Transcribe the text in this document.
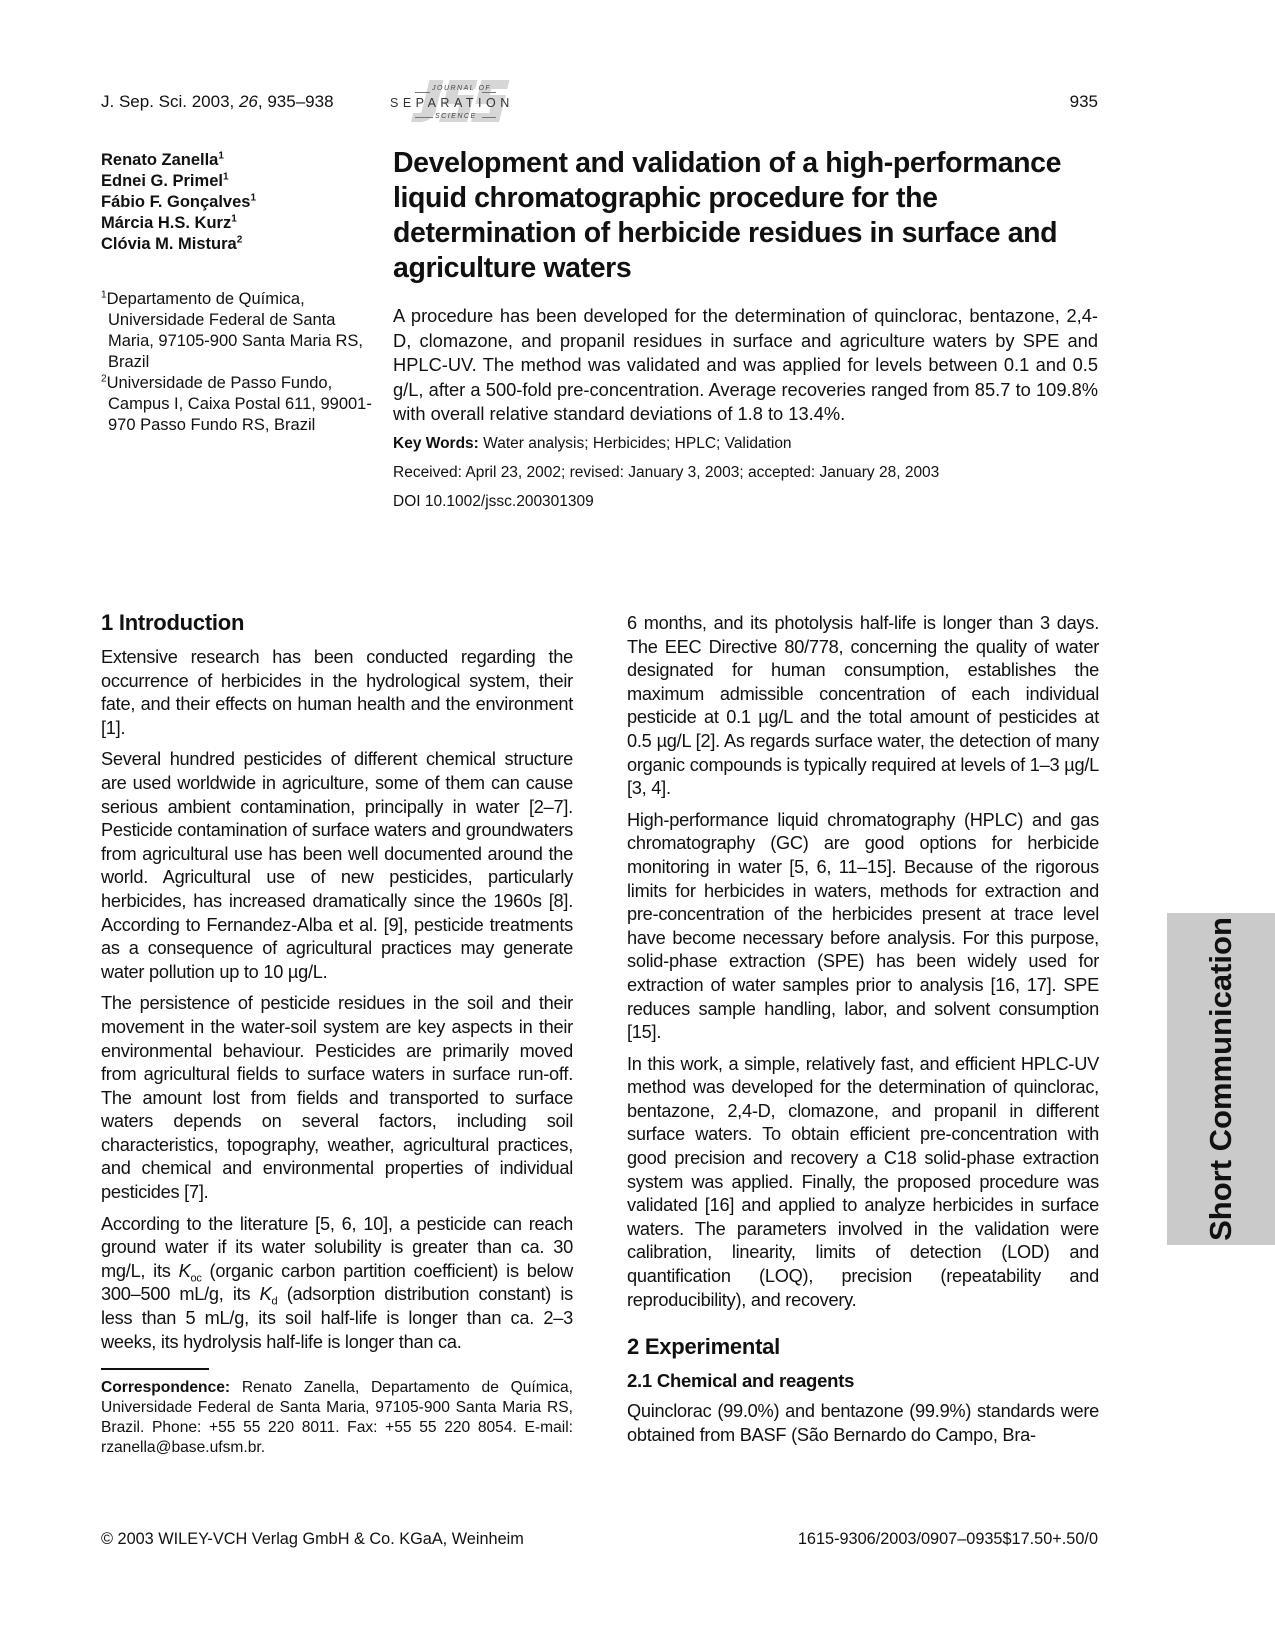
J. Sep. Sci. 2003, 26, 935–938
JOURNAL OF
SEPARATION
SCIENCE
935
Renato Zanella$^1$
Ednei G. Primel$^1$
Fábio F. Gonçalves$^1$
Márcia H.S. Kurz$^1$
Clóvia M. Mistura$^2$
$^1$Departamento de Química, Universidade Federal de Santa Maria, 97105-900 Santa Maria RS, Brazil
$^2$Universidade de Passo Fundo, Campus I, Caixa Postal 611, 99001-970 Passo Fundo RS, Brazil
Development and validation of a high-performance liquid chromatographic procedure for the determination of herbicide residues in surface and agriculture waters
A procedure has been developed for the determination of quinclorac, bentazone, 2,4-D, clomazone, and propanil residues in surface and agriculture waters by SPE and HPLC-UV. The method was validated and was applied for levels between 0.1 and 0.5 g/L, after a 500-fold pre-concentration. Average recoveries ranged from 85.7 to 109.8% with overall relative standard deviations of 1.8 to 13.4%.
Key Words: Water analysis; Herbicides; HPLC; Validation
Received: April 23, 2002; revised: January 3, 2003; accepted: January 28, 2003
DOI 10.1002/jssc.200301309
1 Introduction

Extensive research has been conducted regarding the occurrence of herbicides in the hydrological system, their fate, and their effects on human health and the environment [1].

Several hundred pesticides of different chemical structure are used worldwide in agriculture, some of them can cause serious ambient contamination, principally in water [2–7]. Pesticide contamination of surface waters and groundwaters from agricultural use has been well documented around the world. Agricultural use of new pesticides, particularly herbicides, has increased dramatically since the 1960s [8]. According to Fernandez-Alba et al. [9], pesticide treatments as a consequence of agricultural practices may generate water pollution up to 10 µg/L.

The persistence of pesticide residues in the soil and their movement in the water-soil system are key aspects in their environmental behaviour. Pesticides are primarily moved from agricultural fields to surface waters in surface run-off. The amount lost from fields and transported to surface waters depends on several factors, including soil characteristics, topography, weather, agricultural practices, and chemical and environmental properties of individual pesticides [7].

According to the literature [5, 6, 10], a pesticide can reach ground water if its water solubility is greater than ca. 30 mg/L, its $K_{oc}$ (organic carbon partition coefficient) is below 300–500 mL/g, its $K_d$ (adsorption distribution constant) is less than 5 mL/g, its soil half-life is longer than ca. 2–3 weeks, its hydrolysis half-life is longer than ca.

Correspondence: Renato Zanella, Departamento de Química, Universidade Federal de Santa Maria, 97105-900 Santa Maria RS, Brazil. Phone: +55 55 220 8011. Fax: +55 55 220 8054. E-mail: rzanella@base.ufsm.br.

6 months, and its photolysis half-life is longer than 3 days. The EEC Directive 80/778, concerning the quality of water designated for human consumption, establishes the maximum admissible concentration of each individual pesticide at 0.1 µg/L and the total amount of pesticides at 0.5 µg/L [2]. As regards surface water, the detection of many organic compounds is typically required at levels of 1–3 µg/L [3, 4].

High-performance liquid chromatography (HPLC) and gas chromatography (GC) are good options for herbicide monitoring in water [5, 6, 11–15]. Because of the rigorous limits for herbicides in waters, methods for extraction and pre-concentration of the herbicides present at trace level have become necessary before analysis. For this purpose, solid-phase extraction (SPE) has been widely used for extraction of water samples prior to analysis [16, 17]. SPE reduces sample handling, labor, and solvent consumption [15].

In this work, a simple, relatively fast, and efficient HPLC-UV method was developed for the determination of quinclorac, bentazone, 2,4-D, clomazone, and propanil in different surface waters. To obtain efficient pre-concentration with good precision and recovery a C18 solid-phase extraction system was applied. Finally, the proposed procedure was validated [16] and applied to analyze herbicides in surface waters. The parameters involved in the validation were calibration, linearity, limits of detection (LOD) and quantification (LOQ), precision (repeatability and reproducibility), and recovery.

2 Experimental
2.1 Chemical and reagents

Quinclorac (99.0%) and bentazone (99.9%) standards were obtained from BASF (São Bernardo do Campo, Bra-

© 2003 WILEY-VCH Verlag GmbH & Co. KGaA, Weinheim	1615-9306/2003/0907–0935$17.50+.50/0
Short Communication
